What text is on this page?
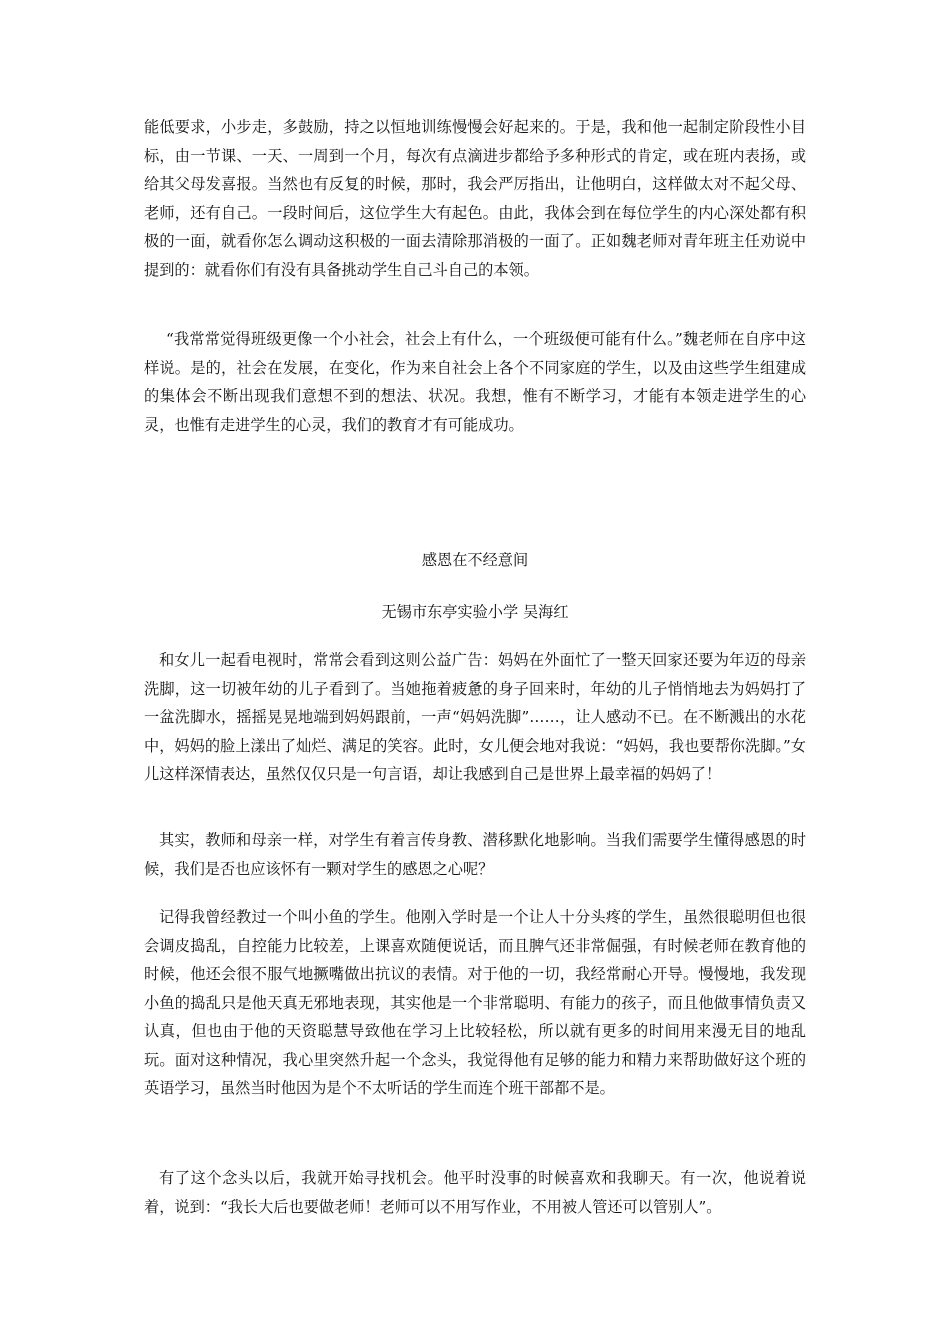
能低要求，小步走，多鼓励，持之以恒地训练慢慢会好起来的。于是，我和他一起制定阶段性小目标，由一节课、一天、一周到一个月，每次有点滴进步都给予多种形式的肯定，或在班内表扬，或给其父母发喜报。当然也有反复的时候，那时，我会严厉指出，让他明白，这样做太对不起父母、老师，还有自己。一段时间后，这位学生大有起色。由此，我体会到在每位学生的内心深处都有积极的一面，就看你怎么调动这积极的一面去清除那消极的一面了。正如魏老师对青年班主任劝说中提到的：就看你们有没有具备挑动学生自己斗自己的本领。
“我常常觉得班级更像一个小社会，社会上有什么，一个班级便可能有什么。”魏老师在自序中这样说。是的，社会在发展，在变化，作为来自社会上各个不同家庭的学生，以及由这些学生组建成的集体会不断出现我们意想不到的想法、状况。我想，惟有不断学习，才能有本领走进学生的心灵，也惟有走进学生的心灵，我们的教育才有可能成功。
感恩在不经意间
无锡市东亭实验小学 吴海红
和女儿一起看电视时，常常会看到这则公益广告：妈妈在外面忙了一整天回家还要为年迈的母亲洗脚，这一切被年幼的儿子看到了。当她拖着疲惫的身子回来时，年幼的儿子悄悄地去为妈妈打了一盆洗脚水，摇摇晃晃地端到妈妈跟前，一声“妈妈洗脚”……，让人感动不已。在不断溅出的水花中，妈妈的脸上漾出了灿烂、满足的笑容。此时，女儿便会地对我说：“妈妈，我也要帮你洗脚。”女儿这样深情表达，虽然仅仅只是一句言语，却让我感到自己是世界上最幸福的妈妈了！
其实，教师和母亲一样，对学生有着言传身教、潜移默化地影响。当我们需要学生懂得感恩的时候，我们是否也应该怀有一颗对学生的感恩之心呢？
记得我曾经教过一个叫小鱼的学生。他刚入学时是一个让人十分头疼的学生，虽然很聪明但也很会调皮捣乱，自控能力比较差，上课喜欢随便说话，而且脾气还非常倔强，有时候老师在教育他的时候，他还会很不服气地撅嘴做出抗议的表情。对于他的一切，我经常耐心开导。慢慢地，我发现小鱼的捣乱只是他天真无邪地表现，其实他是一个非常聪明、有能力的孩子，而且他做事情负责又认真，但也由于他的天资聪慧导致他在学习上比较轻松，所以就有更多的时间用来漫无目的地乱玩。面对这种情况，我心里突然升起一个念头，我觉得他有足够的能力和精力来帮助做好这个班的英语学习，虽然当时他因为是个不太听话的学生而连个班干部都不是。
有了这个念头以后，我就开始寻找机会。他平时没事的时候喜欢和我聊天。有一次，他说着说着，说到：“我长大后也要做老师！老师可以不用写作业，不用被人管还可以管别人”。
